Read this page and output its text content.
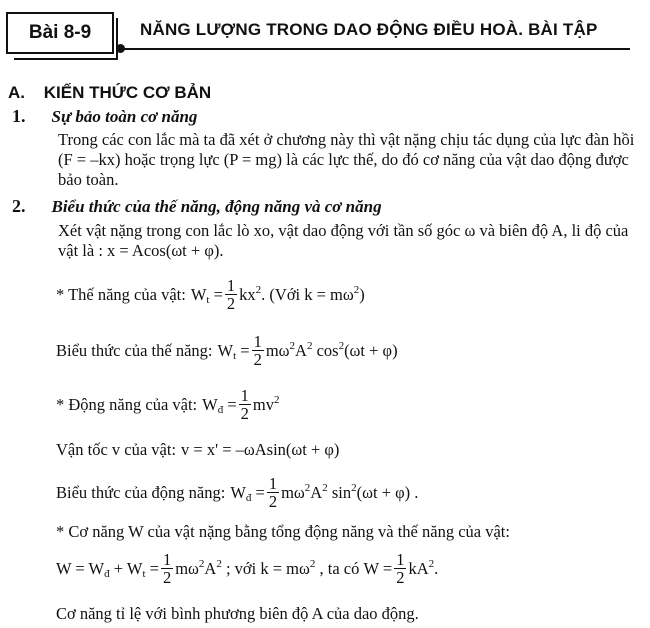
Bài 8-9	NĂNG LƯỢNG TRONG DAO ĐỘNG ĐIỀU HOÀ. BÀI TẬP
A. KIẾN THỨC CƠ BẢN
1. Sự bảo toàn cơ năng
Trong các con lắc mà ta đã xét ở chương này thì vật nặng chịu tác dụng của lực đàn hồi (F = –kx) hoặc trọng lực (P = mg) là các lực thế, do đó cơ năng của vật dao động được bảo toàn.
2. Biểu thức của thế năng, động năng và cơ năng
Xét vật nặng trong con lắc lò xo, vật dao động với tần số góc ω và biên độ A, li độ của vật là : x = Acos(ωt + φ).
* Thế năng của vật: $W_t = \frac{1}{2} kx^2$ . (Với k = mω $^2$)
Biểu thức của thế năng: $W_t = \frac{1}{2} m\omega^2A^2$ $\cos^2(\omega t + \varphi)$
* Động năng của vật: $W_đ = \frac{1}{2} mv^2$
Vận tốc v của vật: v = x' = –ωAsin(ωt + φ)
Biểu thức của động năng: $W_đ = \frac{1}{2} m\omega^2A^2$ $\sin^2(\omega t + \varphi)$ .
* Cơ năng W của vật nặng bằng tổng động năng và thế năng của vật:
$W = W_đ + W_t = \frac{1}{2} m\omega^2A^2$ ; với k = mω $^2$ , ta có $W = \frac{1}{2} kA^2$.
Cơ năng tỉ lệ với bình phương biên độ A của dao động.
